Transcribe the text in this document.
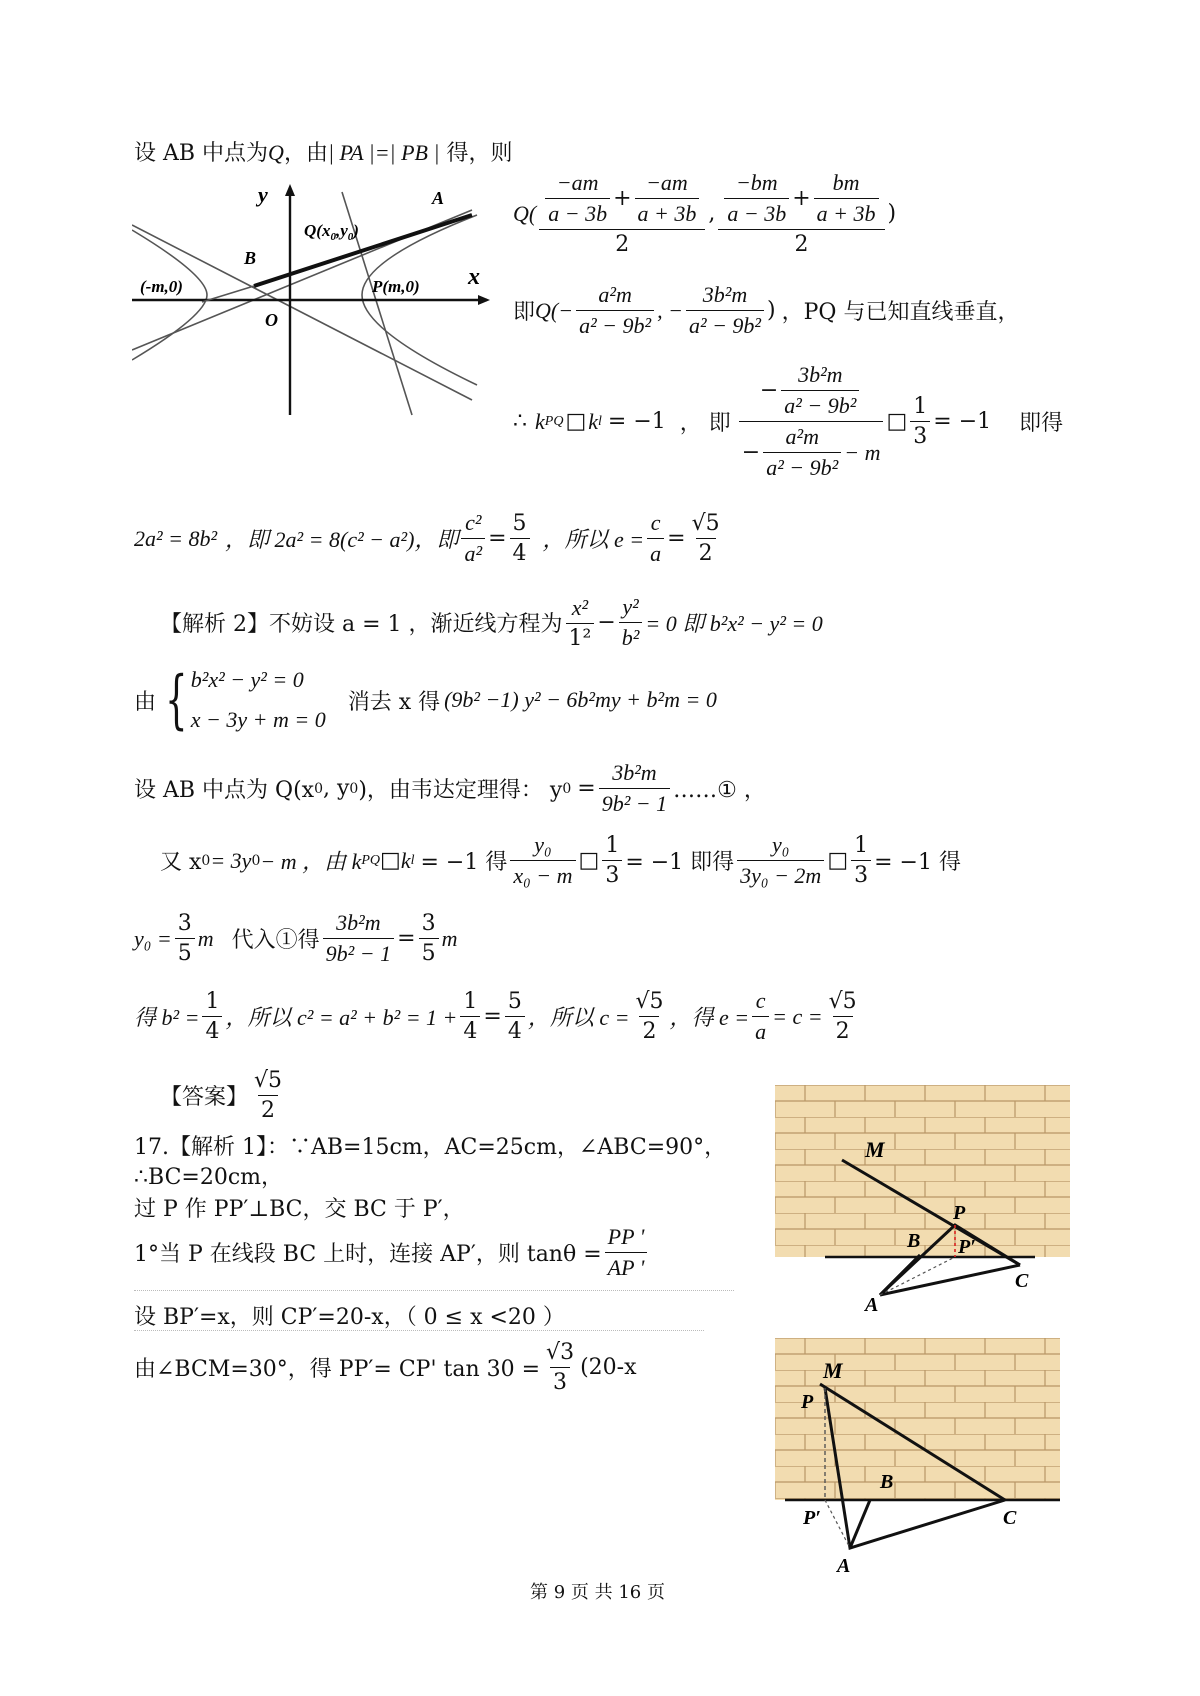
设 AB 中点为Q，由| PA |=| PB | 得，则
y
x
A
B
O
$Q(x_0,y_0)$
(-m,0)	P(m,0)
$Q( \frac{\frac{-am}{a - 3b} + \frac{-am}{a + 3b}}{2}$ , $\frac{\frac{-bm}{a - 3b} + \frac{bm}{a + 3b}}{2}$ )
即 $Q(- \frac{\text{a²m}}{\text{a² − 9b²}}$ , − $\frac{\text{3b²m}}{\text{a² − 9b²}}$ ) ，PQ 与已知直线垂直，
∴ k PQ □ k l = −1 ， 即 $\frac{- \frac{\text{3b²m}}{\text{a² − 9b²}}}{- \frac{\text{a²m}}{\text{a² − 9b²}} - m}$ □ $\frac{1}{3} = -1$ 即得
2a² = 8b² ，即 2a² = 8(c² − a²)，即 $\frac{\text{c²}}{\text{a²}} = \frac{5}{4}$ ，所以 $e = \frac{c}{a} = \frac{√5}{2}$
【解析 2】 不妨设 a = 1 ，渐近线方程为 $\frac{\text{x²}}{\text{1²}} - \frac{\text{y²}}{\text{b²}} = 0$ 即 b²x² − y² = 0
由 { b²x² − y² = 0
x − 3y + m = 0
消去 x 得 (9b² −1) y² − 6b²my + b²m = 0
设 AB 中点为 Q(x 0 , y 0 )，由韦达定理得： y $0 = \frac{\text{3b²m}}{\text{9b² − 1}}$ ……① ，
又 x 0 = 3y 0 − m ，由 k PQ □ k l = −1 得 $\frac{\text{y₀}}{\text{x₀ − m}}$ □ $\frac{1}{3} = -1$ 即得 $\frac{\text{y₀}}{\text{3y₀ − 2m}}$ □ $\frac{1}{3} = -1$ 得
$y_0 = \frac{3}{5}$ m 代入①得 $\frac{\text{3b²m}}{\text{9b² − 1}} = \frac{3}{5}$ m
得 $b^2 = \frac{1}{4}$ ，所以 $c^2 = a^2 + b^2 = 1 + \frac{1}{4} = \frac{5}{4}$ ，所以 $c = \frac{√5}{2}$ ，得 $e = \frac{c}{a} = c = \frac{√5}{2}$
【答案】 $\frac{√5}{2}$
17.【解析 1】：∵AB=15cm，AC=25cm，∠ABC=90°，
∴BC=20cm，
过 P 作 PP′⊥BC，交 BC 于 P′，
1°当 P 在线段 BC 上时，连接 AP′，则 $\tan\theta = \frac{PP '}{AP '}$
设 BP′=x，则 CP′=20-x，（ 0 ≤ x <20 ）
由∠BCM=30°，得 PP′= CP' $\tan 30 = \frac{√3}{3} (20-x$
M
P
B P′
C
A
M
P
B
P′	C
A
第 9 页 共 16 页
